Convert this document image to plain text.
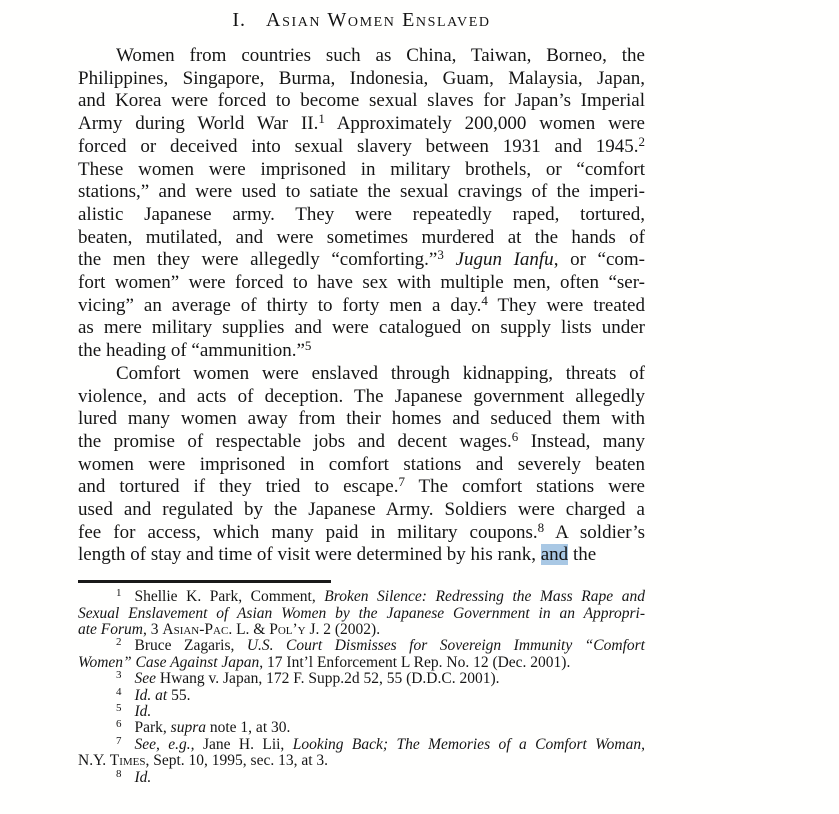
I. Asian Women Enslaved
Women from countries such as China, Taiwan, Borneo, the
Philippines, Singapore, Burma, Indonesia, Guam, Malaysia, Japan,
and Korea were forced to become sexual slaves for Japan’s Imperial
Army during World War II.$^1$ Approximately 200,000 women were
forced or deceived into sexual slavery between 1931 and 1945.$^2$
These women were imprisoned in military brothels, or “comfort
stations,” and were used to satiate the sexual cravings of the imperi-
alistic Japanese army. They were repeatedly raped, tortured,
beaten, mutilated, and were sometimes murdered at the hands of
the men they were allegedly “comforting.”$^3$ Jugun Ianfu, or “com-
fort women” were forced to have sex with multiple men, often “ser-
vicing” an average of thirty to forty men a day.$^4$ They were treated
as mere military supplies and were catalogued on supply lists under
the heading of “ammunition.”$^5$
Comfort women were enslaved through kidnapping, threats of
violence, and acts of deception. The Japanese government allegedly
lured many women away from their homes and seduced them with
the promise of respectable jobs and decent wages.$^6$ Instead, many
women were imprisoned in comfort stations and severely beaten
and tortured if they tried to escape.$^7$ The comfort stations were
used and regulated by the Japanese Army. Soldiers were charged a
fee for access, which many paid in military coupons.$^8$ A soldier’s
length of stay and time of visit were determined by his rank, and the
$^1$ Shellie K. Park, Comment, Broken Silence: Redressing the Mass Rape and
Sexual Enslavement of Asian Women by the Japanese Government in an Appropri-
ate Forum, 3 Asian-Pac. L. & Pol’y J. 2 (2002).
$^2$ Bruce Zagaris, U.S. Court Dismisses for Sovereign Immunity “Comfort
Women” Case Against Japan, 17 Int’l Enforcement L Rep. No. 12 (Dec. 2001).
$^3$ See Hwang v. Japan, 172 F. Supp.2d 52, 55 (D.D.C. 2001).
$^4$ Id. at 55.
$^5$ Id.
$^6$ Park, supra note 1, at 30.
$^7$ See, e.g., Jane H. Lii, Looking Back; The Memories of a Comfort Woman,
N.Y. Times, Sept. 10, 1995, sec. 13, at 3.
$^8$ Id.
